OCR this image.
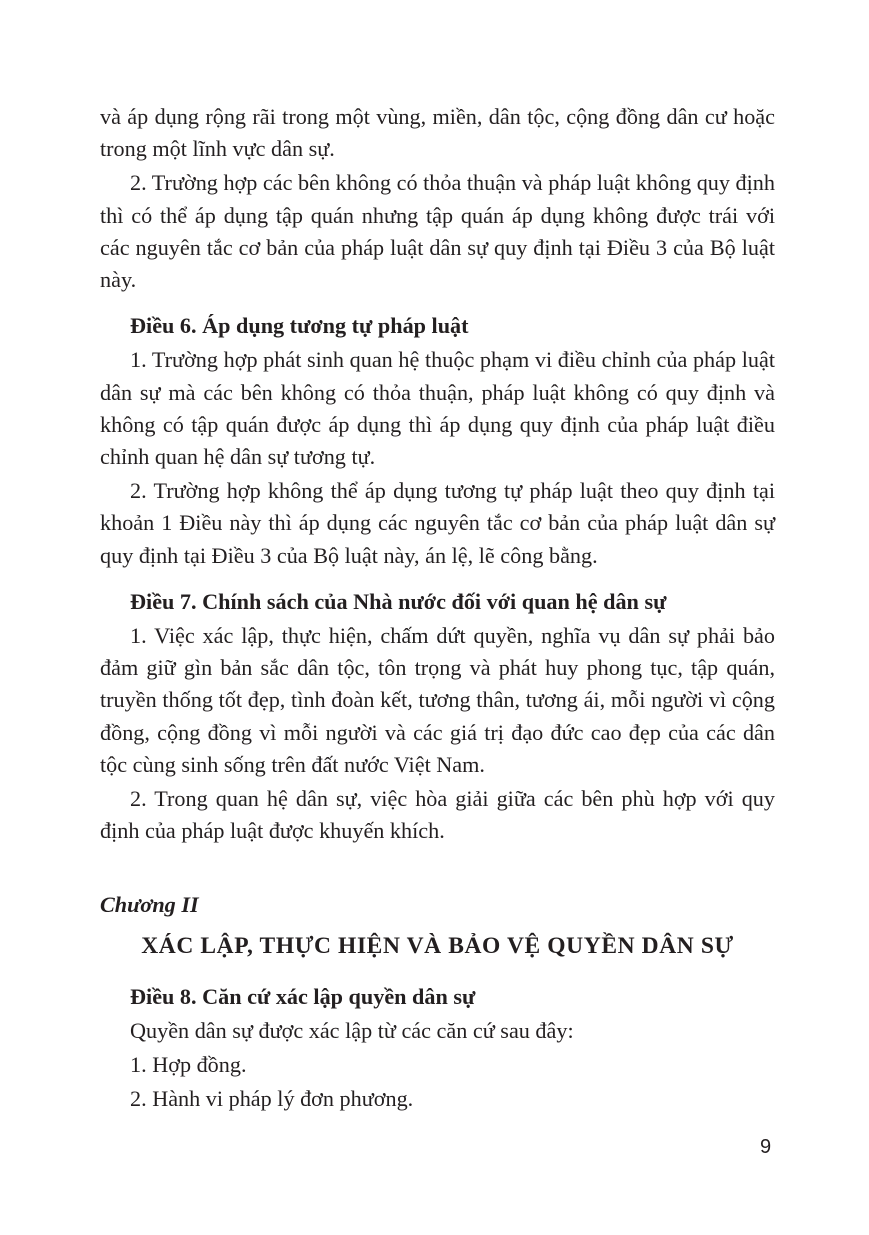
và áp dụng rộng rãi trong một vùng, miền, dân tộc, cộng đồng dân cư hoặc trong một lĩnh vực dân sự.

2. Trường hợp các bên không có thỏa thuận và pháp luật không quy định thì có thể áp dụng tập quán nhưng tập quán áp dụng không được trái với các nguyên tắc cơ bản của pháp luật dân sự quy định tại Điều 3 của Bộ luật này.

Điều 6. Áp dụng tương tự pháp luật

1. Trường hợp phát sinh quan hệ thuộc phạm vi điều chỉnh của pháp luật dân sự mà các bên không có thỏa thuận, pháp luật không có quy định và không có tập quán được áp dụng thì áp dụng quy định của pháp luật điều chỉnh quan hệ dân sự tương tự.

2. Trường hợp không thể áp dụng tương tự pháp luật theo quy định tại khoản 1 Điều này thì áp dụng các nguyên tắc cơ bản của pháp luật dân sự quy định tại Điều 3 của Bộ luật này, án lệ, lẽ công bằng.

Điều 7. Chính sách của Nhà nước đối với quan hệ dân sự

1. Việc xác lập, thực hiện, chấm dứt quyền, nghĩa vụ dân sự phải bảo đảm giữ gìn bản sắc dân tộc, tôn trọng và phát huy phong tục, tập quán, truyền thống tốt đẹp, tình đoàn kết, tương thân, tương ái, mỗi người vì cộng đồng, cộng đồng vì mỗi người và các giá trị đạo đức cao đẹp của các dân tộc cùng sinh sống trên đất nước Việt Nam.

2. Trong quan hệ dân sự, việc hòa giải giữa các bên phù hợp với quy định của pháp luật được khuyến khích.

Chương II

XÁC LẬP, THỰC HIỆN VÀ BẢO VỆ QUYỀN DÂN SỰ

Điều 8. Căn cứ xác lập quyền dân sự

Quyền dân sự được xác lập từ các căn cứ sau đây:

1. Hợp đồng.

2. Hành vi pháp lý đơn phương.

9
